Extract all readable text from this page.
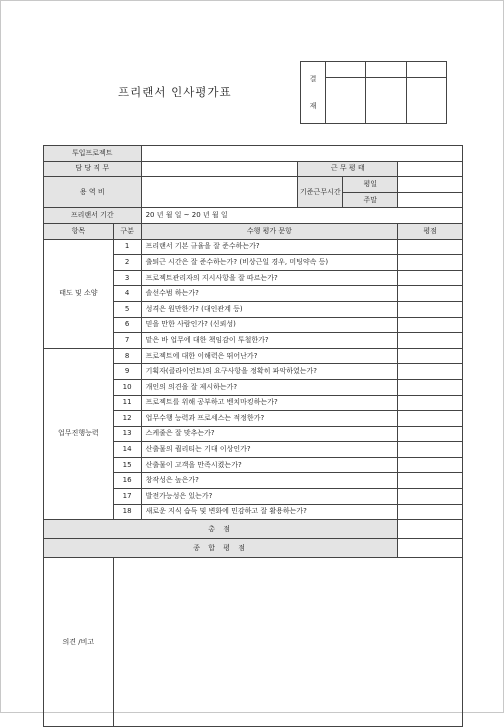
프리랜서 인사평가표
결
재			

투입프로젝트					
담 당 직 무			근 무 평 태		
용 역 비			기준근무시간	평일	
				주말	
프리랜서 기간		20 년 월 일 ~ 20 년 월 일			
항목	구분	수행 평가 문항			평점
태도 및 소양	1	프리랜서 기본 규율을 잘 준수하는가?			
	2	출퇴근 시간은 잘 준수하는가? (비상근일 경우, 미팅약속 등)			
	3	프로젝트관리자의 지시사항을 잘 따르는가?			
	4	솔선수범 하는가?			
	5	성격은 원만한가? (대인관계 등)			
	6	믿을 만한 사람인가? (신뢰성)			
	7	맡은 바 업무에 대한 책임감이 투철한가?			
업무진행능력	8	프로젝트에 대한 이해력은 뛰어난가?			
	9	기획자(클라이언트)의 요구사항을 정확히 파악하였는가?			
	10	개인의 의견을 잘 제시하는가?			
	11	프로젝트를 위해 공부하고 벤치마킹하는가?			
	12	업무수행 능력과 프로세스는 적정한가?			
	13	스케줄은 잘 맞추는가?			
	14	산출물의 퀄리티는 기대 이상인가?			
	15	산출물이 고객을 만족시켰는가?			
	16	창작성은 높은가?			
	17	발전가능성은 있는가?			
	18	새로운 지식 습득 및 변화에 민감하고 잘 활용하는가?			
총 점					
종 합 평 점					
의견 /비고					
